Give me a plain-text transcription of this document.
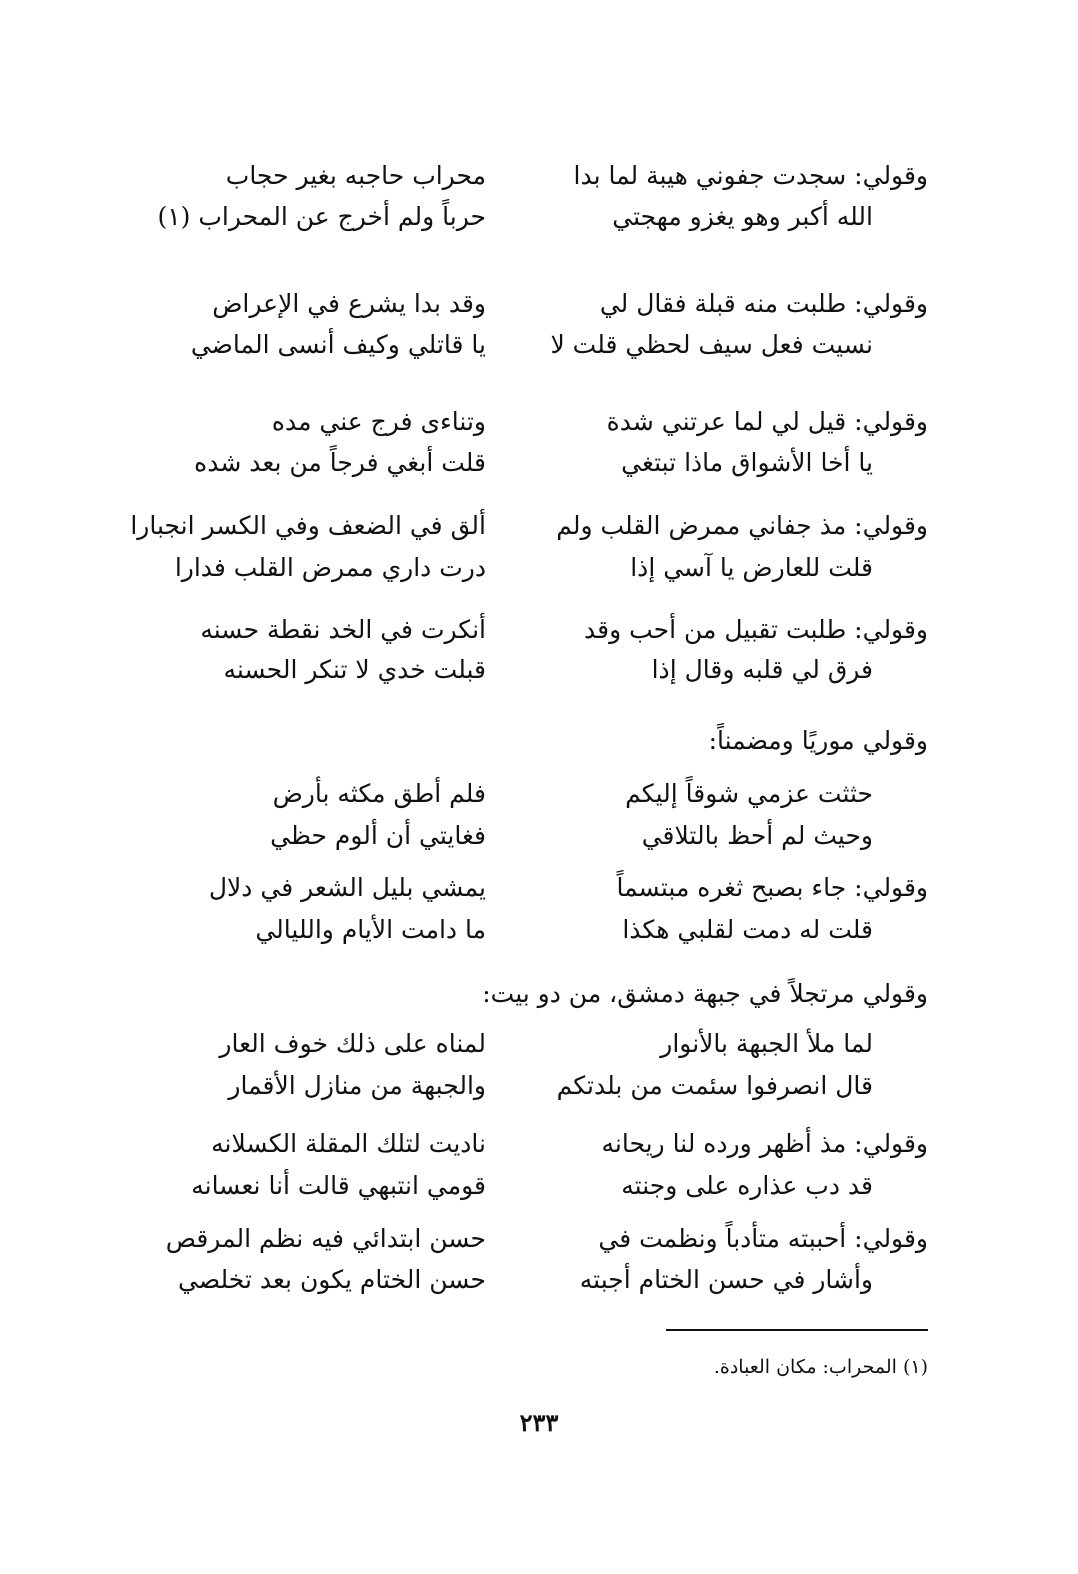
وقولي: سجدت جفوني هيبة لما بدا
محراب حاجبه بغير حجاب
الله أكبر وهو يغزو مهجتي
حرباً ولم أخرج عن المحراب (١)
وقولي: طلبت منه قبلة فقال لي
وقد بدا يشرع في الإعراض
نسيت فعل سيف لحظي قلت لا
يا قاتلي وكيف أنسى الماضي
وقولي: قيل لي لما عرتني شدة
وتناءى فرج عني مده
يا أخا الأشواق ماذا تبتغي
قلت أبغي فرجاً من بعد شده
وقولي: مذ جفاني ممرض القلب ولم
ألق في الضعف وفي الكسر انجبارا
قلت للعارض يا آسي إذا
درت داري ممرض القلب فدارا
وقولي: طلبت تقبيل من أحب وقد
أنكرت في الخد نقطة حسنه
فرق لي قلبه وقال إذا
قبلت خدي لا تنكر الحسنه
وقولي موريًا ومضمناً:
حثثت عزمي شوقاً إليكم
فلم أطق مكثه بأرض
وحيث لم أحظ بالتلاقي
فغايتي أن ألوم حظي
وقولي: جاء بصبح ثغره مبتسماً
يمشي بليل الشعر في دلال
قلت له دمت لقلبي هكذا
ما دامت الأيام والليالي
وقولي مرتجلاً في جبهة دمشق، من دو بيت:
لما ملأ الجبهة بالأنوار
لمناه على ذلك خوف العار
قال انصرفوا سئمت من بلدتكم
والجبهة من منازل الأقمار
وقولي: مذ أظهر ورده لنا ريحانه
ناديت لتلك المقلة الكسلانه
قد دب عذاره على وجنته
قومي انتبهي قالت أنا نعسانه
وقولي: أحببته متأدباً ونظمت في
حسن ابتدائي فيه نظم المرقص
وأشار في حسن الختام أجبته
حسن الختام يكون بعد تخلصي
(١) المحراب: مكان العبادة.
٢٣٣
